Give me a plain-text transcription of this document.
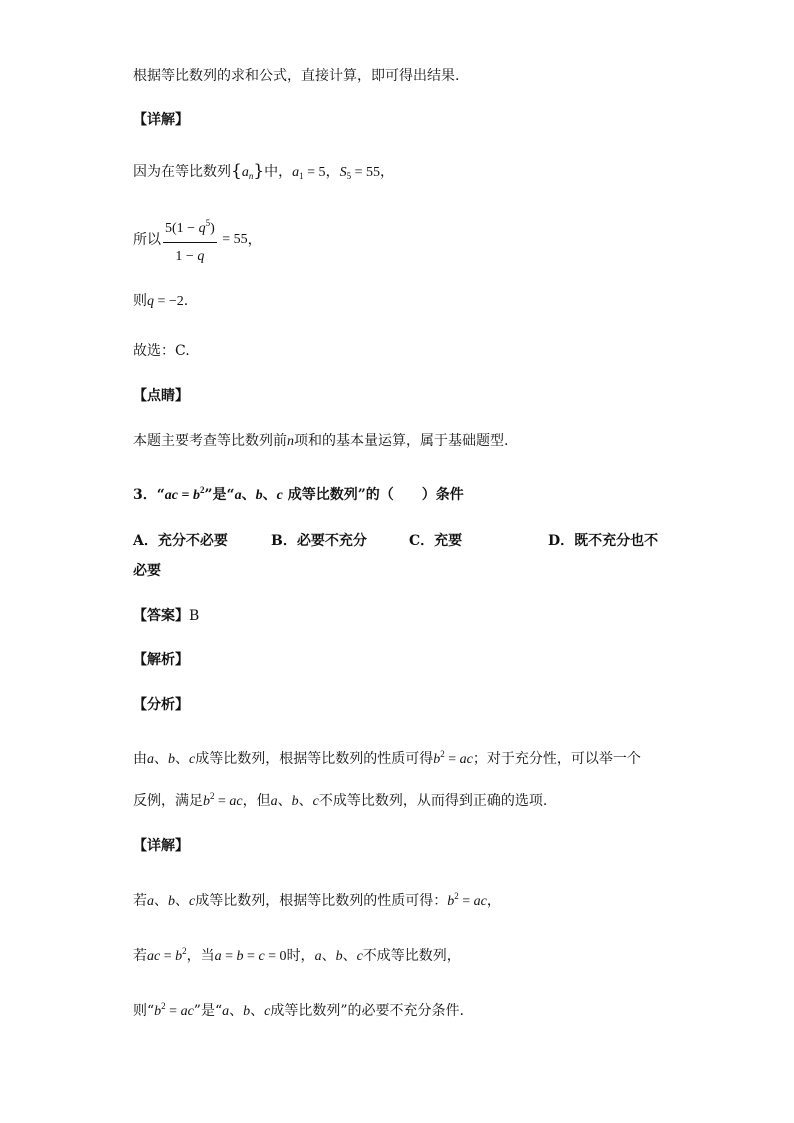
根据等比数列的求和公式，直接计算，即可得出结果.
【详解】
因为在等比数列$\{a_n\}$中，$a_1 = 5$，$S_5 = 55$，
所以 $\frac{5(1 - q^5)}{1 - q} = 55$，
则q = −2.
故选：C.
【点睛】
本题主要考查等比数列前n项和的基本量运算，属于基础题型.
3．“ac = $b^2$”是“a、b、c 成等比数列”的（　　）条件
A．充分不必要	B．必要不充分	C．充要	D．既不充分也不
必要
【答案】B
【解析】
【分析】
由a、b、c成等比数列，根据等比数列的性质可得$b^2$ = ac；对于充分性，可以举一个
反例，满足$b^2$ = ac，但a、b、c不成等比数列，从而得到正确的选项.
【详解】
若a、b、c成等比数列，根据等比数列的性质可得：$b^2$ = ac，
若ac = $b^2$，当a = b = c = 0时，a、b、c不成等比数列，
则“$b^2$ = ac”是“a、b、c成等比数列”的必要不充分条件.
